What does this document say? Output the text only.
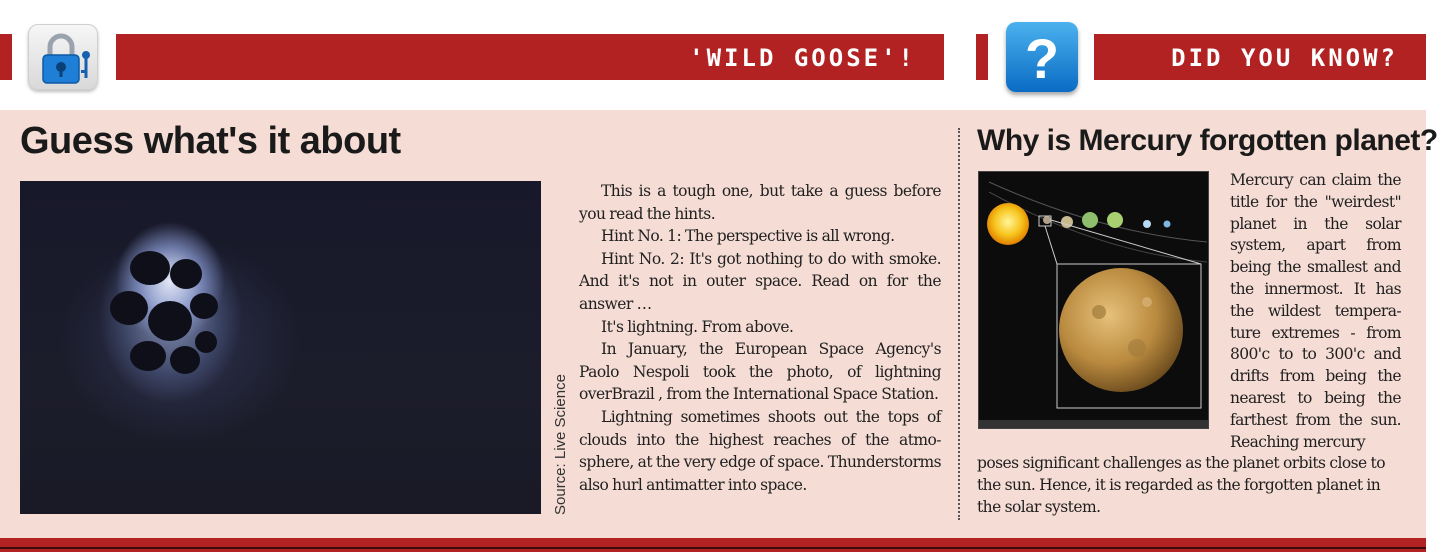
'WILD GOOSE'! ?	DID YOU KNOW?
Guess what's it about
Source: Live Science

This is a tough one, but take a guess before you read the hints.

Hint No. 1: The perspective is all wrong.

Hint No. 2: It's got nothing to do with smoke. And it's not in outer space. Read on for the answer …

It's lightning. From above.

In January, the European Space Agency's Paolo Nespoli took the photo, of lightning overBrazil , from the International Space Station.

Lightning sometimes shoots out the tops of clouds into the highest reaches of the atmo-sphere, at the very edge of space. Thunderstorms also hurl antimatter into space.

Why is Mercury forgotten planet?
Mercury can claim the title for the "weirdest" planet in the solar system, apart from being the smallest and the innermost. It has the wildest tempera-ture extremes - from 800'c to to 300'c and drifts from being the nearest to being the farthest from the sun. Reaching mercury
poses significant challenges as the planet orbits close to the sun. Hence, it is regarded as the forgotten planet in the solar system.
